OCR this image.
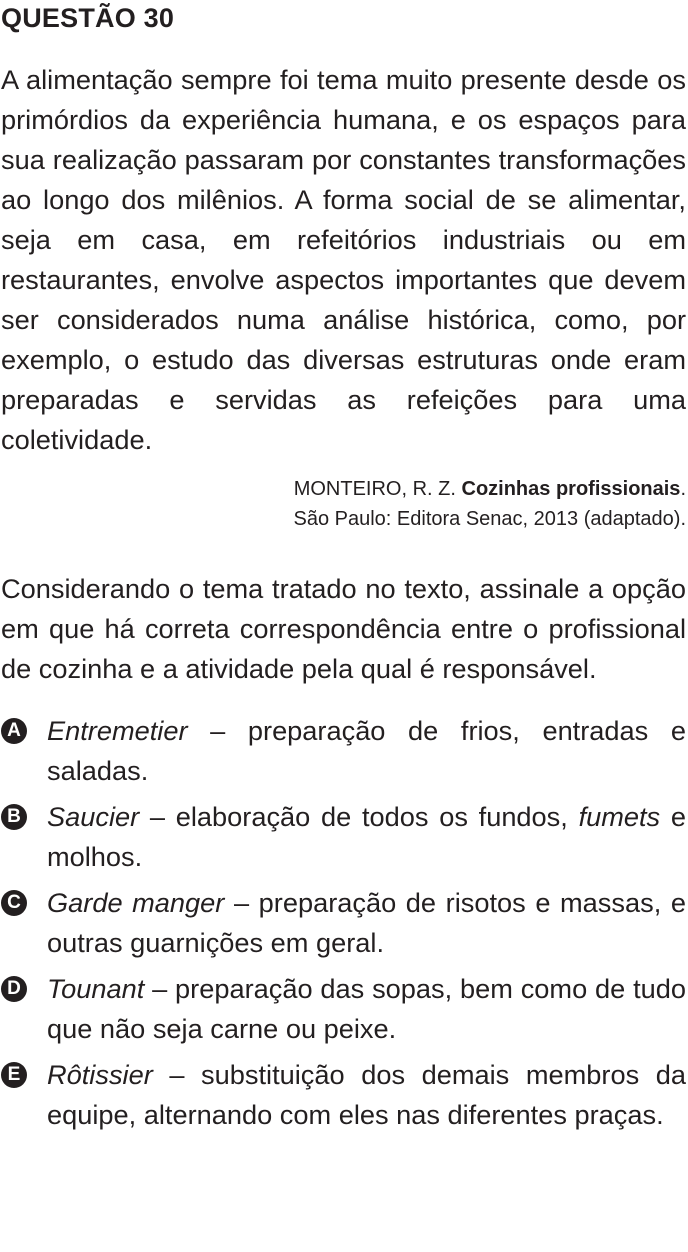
QUESTÃO 30

A alimentação sempre foi tema muito presente desde os primórdios da experiência humana, e os espaços para sua realização passaram por constantes transformações ao longo dos milênios. A forma social de se alimentar, seja em casa, em refeitórios industriais ou em restaurantes, envolve aspectos importantes que devem ser considerados numa análise histórica, como, por exemplo, o estudo das diversas estruturas onde eram preparadas e servidas as refeições para uma coletividade.

MONTEIRO, R. Z. Cozinhas profissionais.
São Paulo: Editora Senac, 2013 (adaptado).

Considerando o tema tratado no texto, assinale a opção em que há correta correspondência entre o profissional de cozinha e a atividade pela qual é responsável.

A Entremetier – preparação de frios, entradas e saladas.
B Saucier – elaboração de todos os fundos, fumets e molhos.
C Garde manger – preparação de risotos e massas, e outras guarnições em geral.
D Tounant – preparação das sopas, bem como de tudo que não seja carne ou peixe.
E Rôtissier – substituição dos demais membros da equipe, alternando com eles nas diferentes praças.
